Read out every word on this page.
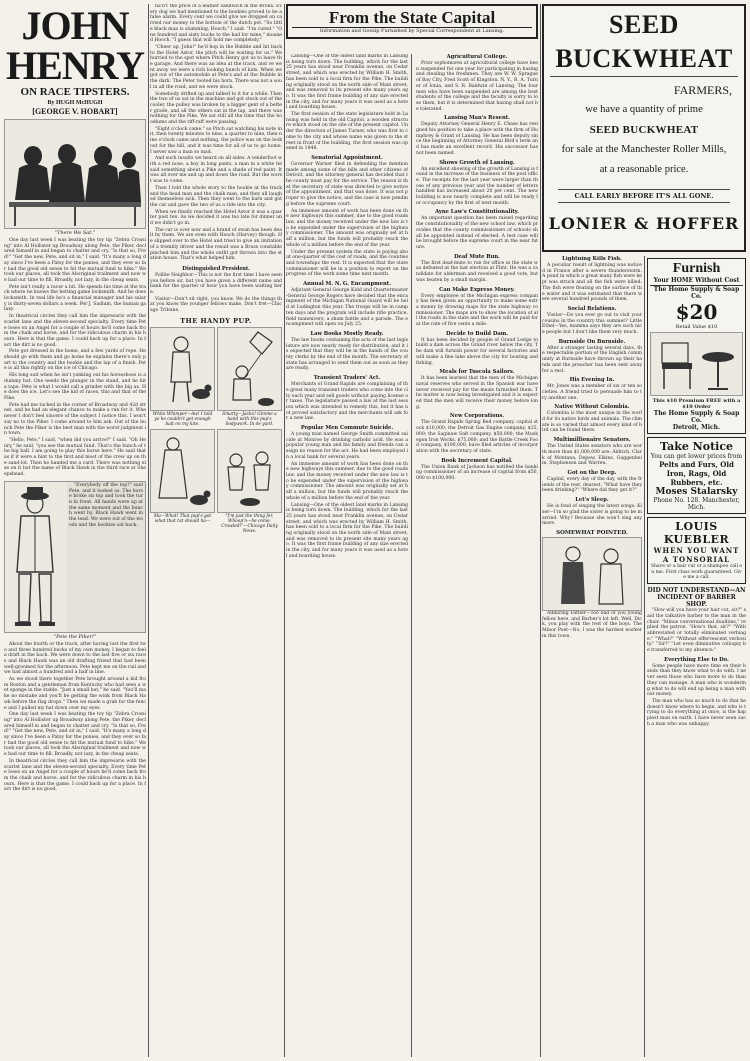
JOHN HENRY
ON RACE TIPSTERS.
By HUGH McHUGH
[GEORGE V. HOBART]
"There We Sat."

One day last week I was beating the toy tip "Zebra Crossing" into Al Hollister up Broadway along Pete, the Piker, declared himself in and began to chatter and cry. "Is that so, Fred!" "Get the new, Pete, and sit in," I said. "It's many a long day since I've been a Patsy for the ponies, and they ever so far had the good old sense to hit the mutual fund to hike." We took our places, all took the Aboriginal trailment and now we had our time to fill. Broadly, not lazy, in the cheap seats.

Pete isn't really a racer a bit. He spends his time at the track where he knows the betting game locksmith. And he does locksmith. In real life he's a financial manager and his salary is thirty-seven dollars a week. Per J. Sadlum, the human galaxy.

In theatrical circles they call him the impresario with the scarlet lane and the eleven-second specialty. Every time Pete loses on an Angel for a couple of hours he'll come back from the chalk and horse, and for the ridiculous charm in his hours. Here is that the game. I could back up for a place. In fact the dirt is no good.

Pete got dressed in the home, and a few yards of rope. He should go with them and go home he explains there's only part to the country and the bookie and the lap of a finish. Pete is all this rightly on the ice of Chicago.

His long suit when he isn't yanking out his horseshoes is a dummy hat. One needs the plunger in the stand, and he hit a tape. Pete is what I would call a grinder with the big ax. He does the ice. Let's see the kid of races, this and that of the Pike.

Pete had me tucked in the corner of Broadway and 42d street, and he had an elegant chance to make a run for it. Whenever I don't feel sincere of the subject I notice this. I won't say no to the Piker. I come around to him ask. Out of the bunch Pete the Piker is the best man with the worst judgment in town.

"Hello, Pete," I said, "when did you arrive?" I said. "Oh Henry," he said, "you see the mutual fund. That's the hunch of the big ball. I am going to play this horse here." He said that as if it were a hint to the first and most of the crew up on the sand-lot. Then he handed me a card. There was nothing else on it but the name of Black Hawk in the third race at Sheepshead.

"Everybody off the top?" said Pete, and it looked so. The horse broke on top and took the turn in front. All hands were up at the same moment and the bunch went by. Black Hawk went in the lead. We were out of the woods and the bookies sat back.

"Pete the Piker!"

About the fourth or the track, after having lost the first two and three hundred bucks of my own money, I began to feel a draft in the back. We were down to the last five or six races and Black Hawk was an old drafting friend that had been well-groomed for the afternoon. Pete kept me on the rail and we had almost a hundred and a half in line.

As we stood there together Pete brought around a kid from Boston and a gentleman from Kentucky who had seen a wet sponge in the stable. "Just a small bet," he said. "You'll make no mistake and you'll be getting the wink from Black Hawk before the flag drops." Then we made a grab for the fence and I pulled my hat down over my eyes.

One day last week I was beating the toy tip "Zebra Crossing" into Al Hollister up Broadway along Pete, the Piker, declared himself in and began to chatter and cry. "Is that so, Fred!" "Get the new, Pete, and sit in," I said. "It's many a long day since I've been a Patsy for the ponies, and they ever so far had the good old sense to hit the mutual fund to hike." We took our places, all took the Aboriginal trailment and now we had our time to fill. Broadly, not lazy, in the cheap seats.

In theatrical circles they call him the impresario with the scarlet lane and the eleven-second specialty. Every time Pete loses on an Angel for a couple of hours he'll come back from the chalk and horse, and for the ridiculous charm in his hours. Here is that the game. I could back up for a place. In fact the dirt is no good.

ha'n't the price of a leather sandwich in the Bronx. Every dog we had mentioned to the bookies proved to be a false alarm. Every cent we could give we dropped on carried our money to the bottom of the dutch pot. "So little black man is slumming, Hooch," I said. "I'm cured." "One hundred and sixty bucks to the bad for mine," moaned Hooch. "I guess that will hold me completely."

"Cheer up, John!" he'd hop in the Bubble and hit back to the Hotel Astor, the pitch will be waiting for us." We hurried to the spot where Pitch Henry got us to leave the garage. And there was an idea at the track, and ve went away we were a rich looking bunch of kids. When we got out of the automobile at Pete's and at the Bubble in the dark. The Peter tooted his horn. There was not a soul in all the road, and we were stuck.

Somebody drifted up and talked to it for a while. Then the two of us sat in the machine and got stuck out of the cooler, the pulley was broken by a bigger gent of a better grade, and all the others sat in the lap, and there was nothing for the Pike. We sat still all the time that the hoodlums and the riff-raff were passing.

"Eight o'clock came," so Pitch sat watching his note in it, then twenty minutes to nine, a quarter to nine, then nine o'clock came and nothing, the police was on the lookout for the bill, and it was time for all of us to go home. I never saw a man so mad.

And such insults we heard on all sides. A tenderfoot with a red nose, a boy in long pants, a man in a white tie said something about a Pike and a shade of red paint. It was all over me and up and down the road. But the worst was to come.

Then I told the whole story to the bookie at the track and the head man and the chalk man, and they all laughed themselves sick. Then they went to the barn and got the car and gave the two of us a ride into the city.

When we finally reached the Hotel Astor it was a quarter past ten. As we decided it was too late for dinner and we didn't go in.

The car is over now and a brand of swan has been dealt by them. We are even with Hooch (Harvey) though. He slipped over to the Hotel and tried to give an imitation of a trembly driver and the result was a Brass constable pinched him and the whole outfit got thrown into the station house. That's what helped him.

Distinguished President.

Pollite Neighbor—This is not the first time I have seen you before sir, but you have given a different name and bank for the quarter of hour you have been waiting here.

Visitor—Don't sit right, you know. We do the things that you know the younger fellows make. Don't fret—Chicago Tribune.

THE HANDY PUP.
White Whimper—Aw! I told ya he couldn't get enough bait on my kite.
Smarty—Jacko! Gimme a hand with this pup's bodywork. In de yard.
Ma—What! That pup's got what that rat should ha—
"I'm just the thing fer, Whoop'n—he come. Crawled!"—Chicago Daily News.
From the State Capital
Information and Gossip Furnished by Special Correspondent at Lansing.

Lansing—One of the oldest land marks in Lansing is being torn down. The building, which for the last 25 years has stood near Franklin avenue, on Cedar street, and which was erected by William H. Smith, has been sold to a local firm for the Pike. The building originally stood on the north side of Main street, and was removed to its present site many years ago. It was the first frame building of any size erected in the city, and for many years it was used as a hotel and boarding house.

The first session of the state legislature held in Lansing was held in the old Capitol, a wooden structure which stood on the site of the present capitol. Under the direction of James Turner, who was first to come to the city and whose name was given to the street in front of the building, the first session was opened in 1848.

Senatorial Appointment.

Governor Warner filed in defending the mention made among some of the bills and other citizens of Detroit, and the attorney general has decided that the county must pay for the service. The reason is that the secretary of state was directed to give notice of the appointment, and that was done. It was not proper to give the notice, and the case is now pending before the supreme court.

An immense amount of work has been done on the new highways this summer, due to the good roads law, and the money received under the new law is to be expended under the supervision of the highway commissioner. The amount was originally set at half a million, but the funds will probably reach the whole of a million before the end of the year.

Under the present system the state is paying about one-quarter of the cost of roads, and the counties and townships the rest. It is expected that the state commissioner will be in a position to report on the progress of the work some time next month.

Annual M. N. G. Encampment.

Adjutant-General George Kidd and Quartermaster-General George Rogers have decided that the encampment of the Michigan National Guard will be held at Ludington this year. The troops will be in camp ten days and the program will include rifle practice, field maneuvers, a sham battle and a parade. The encampment will open on July 25.

Law Books Mostly Ready.

The law books containing the acts of the last legislature are now nearly ready for distribution, and it is expected that they will be in the hands of the county clerks by the end of the month. The secretary of state has arranged to send them out as soon as they are ready.

Transient Traders' Act.

Merchants of Grand Rapids are complaining of the great many transient traders who come into the city each year and sell goods without paying license or taxes. The legislature passed a law at the last session which was intended to remedy this, but it has not proved satisfactory and the merchants will ask for a new law.

Popular Men Commute Suicide.

A young man named George Smith committed suicide at Monroe by drinking carbolic acid. He was a popular young man and his family and friends can assign no reason for the act. He had been employed in a local bank for several years.

An immense amount of work has been done on the new highways this summer, due to the good roads law, and the money received under the new law is to be expended under the supervision of the highway commissioner. The amount was originally set at half a million, but the funds will probably reach the whole of a million before the end of the year.

Lansing—One of the oldest land marks in Lansing is being torn down. The building, which for the last 25 years has stood near Franklin avenue, on Cedar street, and which was erected by William H. Smith, has been sold to a local firm for the Pike. The building originally stood on the north side of Main street, and was removed to its present site many years ago. It was the first frame building of any size erected in the city, and for many years it was used as a hotel and boarding house.

Agricultural College.

Prior sophomores at agricultural college have been suspended for one year for participating in hazing and stealing the freshmen. They are W. W. Sprague of Bay City, Fred Scott of Kingston, N. Y., R. A. Turner of Ionia, and S. R. Baldwin of Lansing. The four men who have been suspended are among the best students of the college and the faculty is sorry to lose them, but it is determined that hazing shall not be tolerated.

Lansing Man's Resent.

Deputy Attorney General Henry E. Chase has resigned his position to take a place with the firm of Humphrey & Grant of Lansing. He has been deputy since the beginning of Attorney General Bird's term and has made an excellent record. His successor has not been named.

Shows Growth of Lansing.

An excellent showing of the growth of Lansing is found in the increase of the business of the post office. The receipts for the last year were larger than those of any previous year and the number of letters handled has increased about 20 per cent. The new building is now nearly complete and will be ready for occupancy by the first of next month.

Ayne Law's Constitutionality.

An important question has been raised regarding the constitutionality of the new school law, which provides that the county commissioners of schools shall be appointed instead of elected. A test case will be brought before the supreme court in the near future.

Deaf Mute Run.

The first deaf-mute to run for office in the state was defeated at the last election at Flint. He was a candidate for alderman and received a good vote, but was beaten by a small margin.

Can Make Express Money.

Every employee of the Michigan express company has been given an opportunity to make some extra money by drawing maps for the state highway commissioner. The maps are to show the location of all the roads in the state and the work will be paid for at the rate of five cents a mile.

Decide to Build Dam.

It has been decided by people of Grand Ledge to build a dam across the Grand river below the city. The dam will furnish power for several factories and will make a fine lake above the city for boating and fishing.

Meals for Tuscola Sailors.

It has been learned that the men of the Michigan naval reserves who served in the Spanish war have never received pay for the meals furnished them. The matter is now being investigated and it is expected that the men will receive their money before long.

New Corporations.

The Grand Rapids Spring Bed company, capital stock $10,000; the Detroit Gas Engine company, $25,000; the Saginaw Salt company, $50,000; the Muskegon Iron Works, $75,000; and the Battle Creek Food company, $100,000, have filed articles of incorporation with the secretary of state.

Book Increment Capital.

The Union Bank of Jackson has notified the banking commissioner of an increase of capital from $50,000 to $100,000.

SEED BUCKWHEAT
FARMERS,
we have a quantity of prime
SEED BUCKWHEAT
for sale at the Manchester Roller Mills,
at a reasonable price.
CALL EARLY BEFORE IT'S ALL GONE.
LONIER & HOFFER
Lightning Kills Fish.

A peculiar result of lightning was noticed in France after a severe thunderstorm. A pond in which a great many fish were kept was struck and all the fish were killed. The fish were floating on the surface of the water and it was estimated that there were several hundred pounds of them.

Social Relations.

Visitor—Do you ever go out to visit your cousins in the country this summer? Little Ethel—Yes, mamma says they are such nice people but I don't like them very much.

Burnside On Burnside.

After a stranger lasting several days, the respectable portion of the English community at Burnside have thrown up their hands and the preacher has been sent away for a rest.

His Evening In.

Mr. Jones was a member of six or ten societies. A friend tried to persuade him to try another one.

Native Without Colombia.

Colombia is the most unique in the world for its native birds and animals. The climate is so varied that almost every kind of bird can be found there.

Multimillionaire Senators.

The United States senators who are worth more than $1,000,000 are: Aldrich, Clark of Montana, Depew, Elkins, Guggenheim, Stephenson and Warren.

Got on the Deep.

Capital, every day of the day, with the friends of the rest, dearest. "What have they been drinking?" "Where did they get it?"

Let's Sleep.

He is fond of singing the latest songs. Kiser—I'm so glad the sister is going to be married. Why? Because she won't sing any more.

SOMEWHAT POINTED.

Admiring Father—Too bad of you young fellow here, and Barber's lot left. Well, Dick, you play with the rest of the boys. The Minor Poet—No, I was the hardest worker in this town.

Furnish
Your HOME Without Cost
The Home Supply & Soap Co.
$20
Retail Value $10
This $10 Premium FREE with a $10 Order
The Home Supply & Soap Co.
Detroit, Mich.
Take Notice
You can get lower prices from
Pelts and Furs, Old Iron, Rags, Old Rubbers, etc.
Moses Stalarsky
Phone No. 128. Manchester, Mich.
LOUIS KUEBLER
WHEN YOU WANT A TONSORIAL
Shave or a hair cut or a shampoo call on me. First class work guaranteed. Give me a call.
DID NOT UNDERSTAND—AN INCIDENT OF BARBER SHOP.

"How will you have your hair cut, sir?" said the talkative barber to the man in the chair. "Minus conversational dualities," replied the patron. "How's that, sir?" "With abbreviated or totally eliminated verbiage." "What?" "Without effervescent verbosity." "Sir?" "Let even diminutive colloquy be transferred to my absence."

Everything Else to Do.

Some people have more time on their hands than they know what to do with. I never seen those who have more to do than they can manage. A man who is wondering what to do will end up being a man without money.

The man who has so much to do that he doesn't know where to begin, and who is trying to do everything at once, is the happiest man on earth. I have never seen such a man who was unhappy.
